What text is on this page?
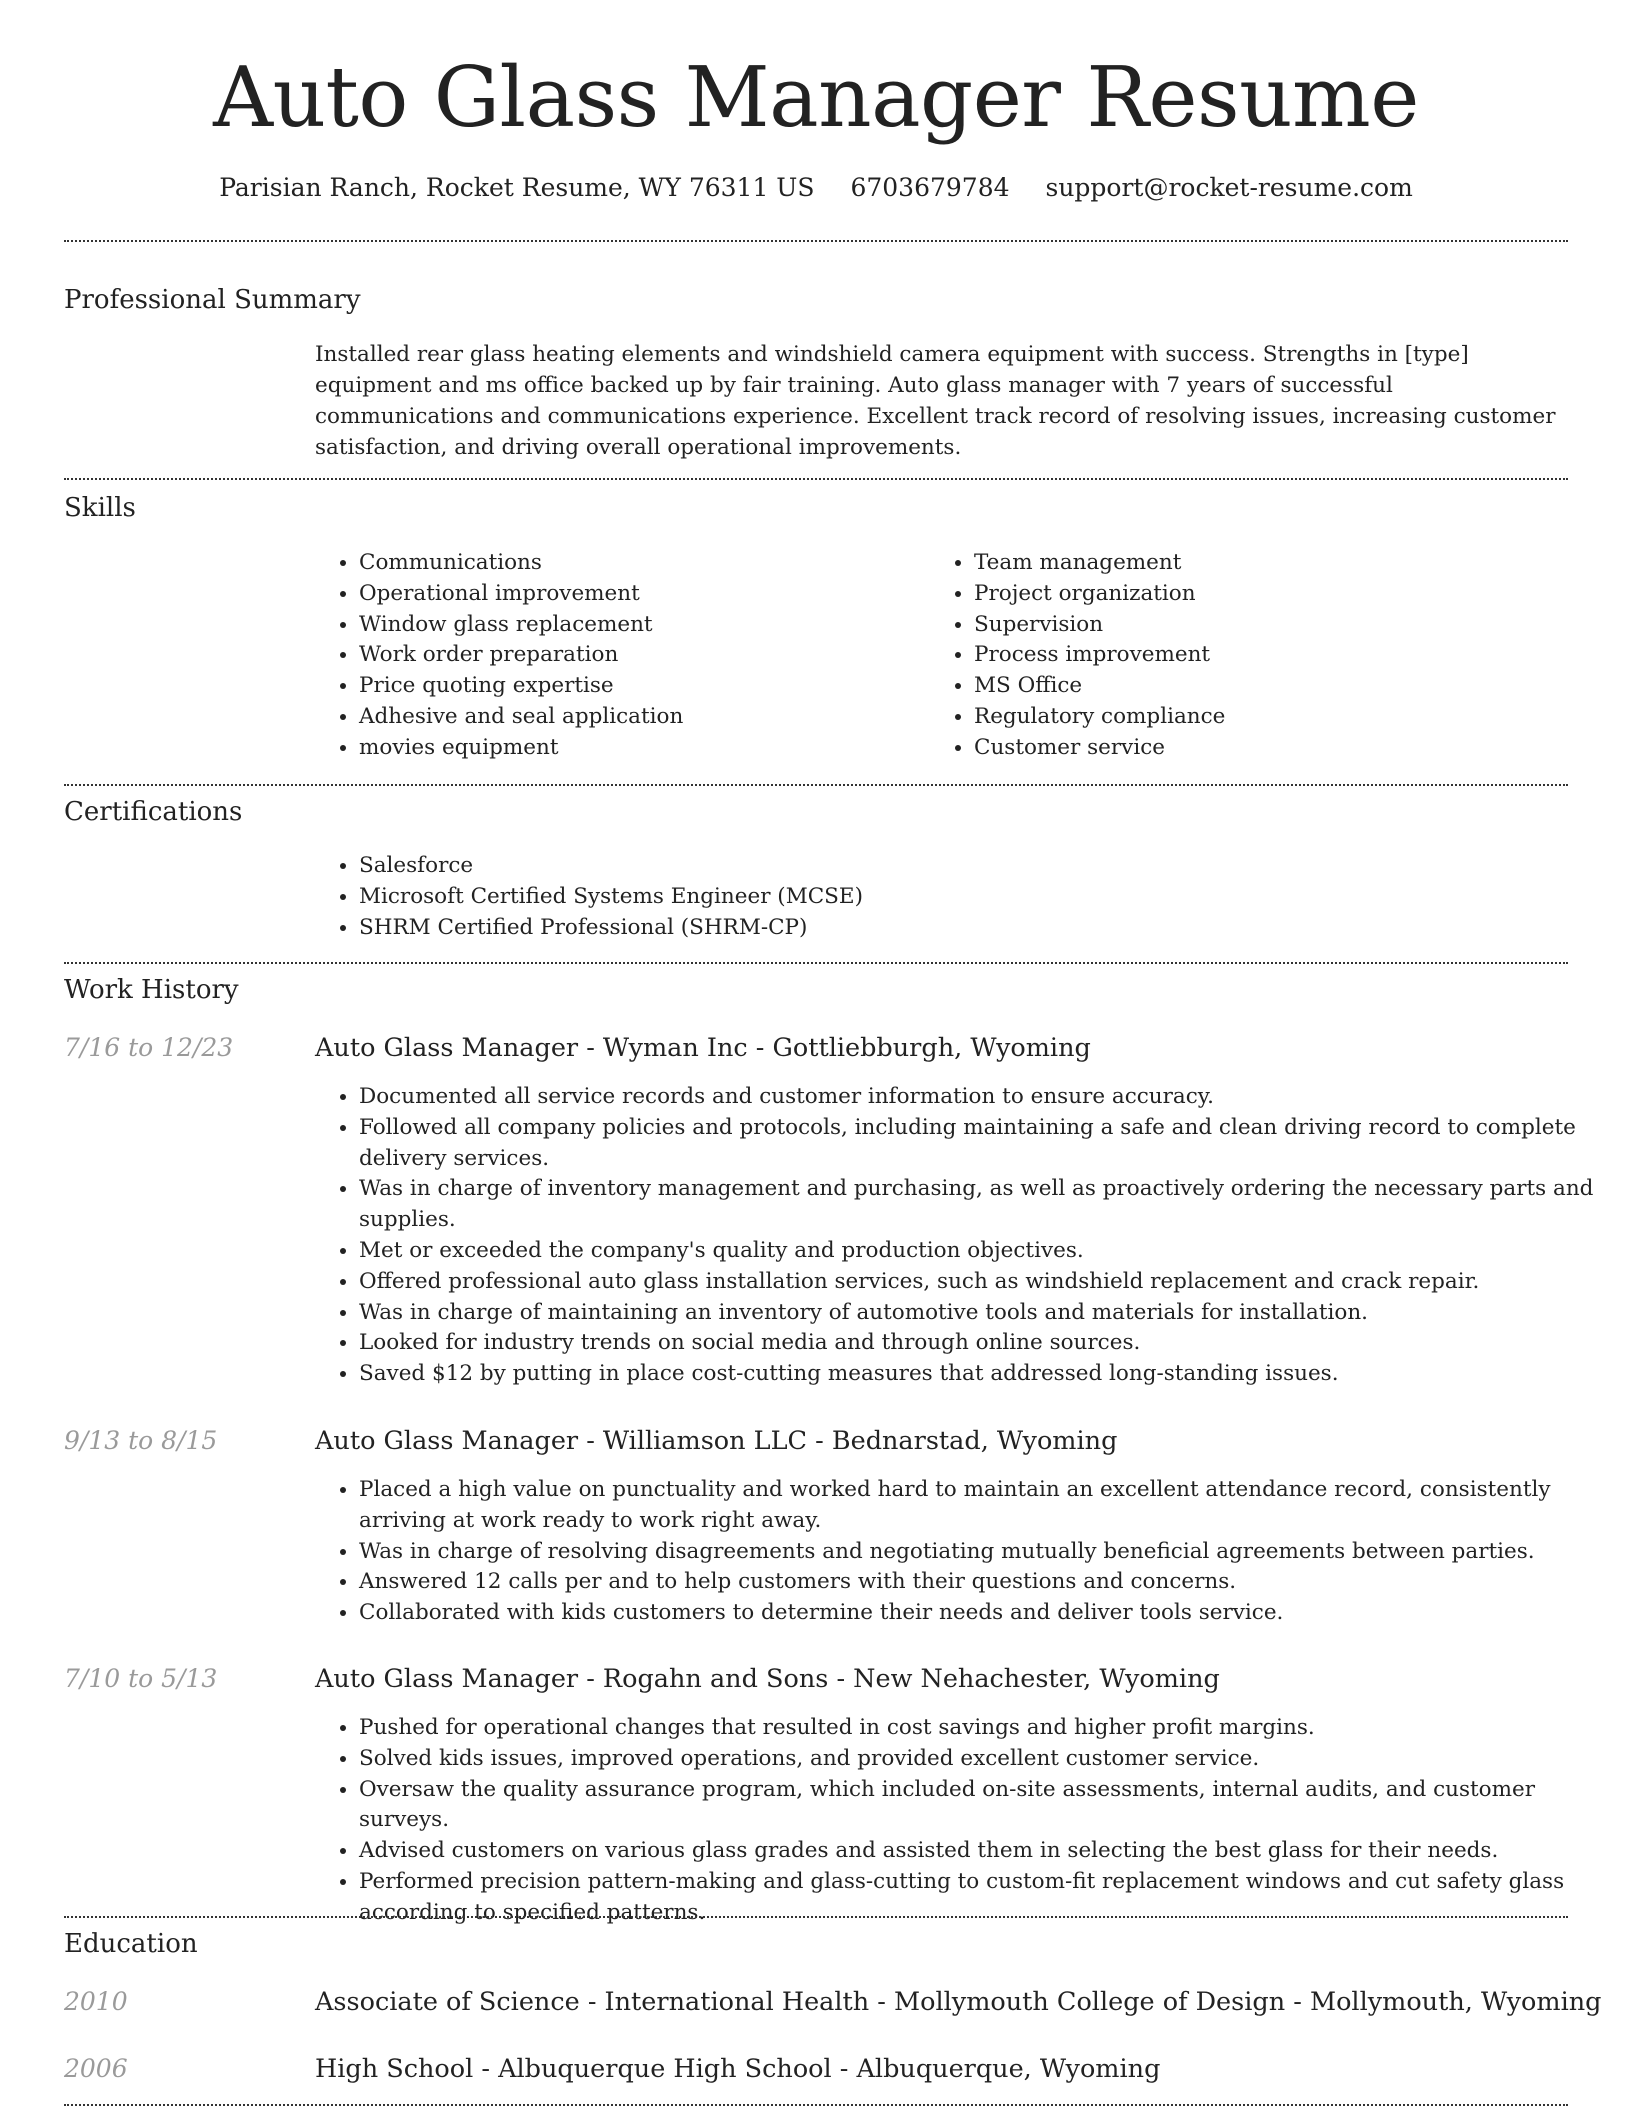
Auto Glass Manager Resume
Parisian Ranch, Rocket Resume, WY 76311 US 6703679784 support@rocket-resume.com
Professional Summary
Installed rear glass heating elements and windshield camera equipment with success. Strengths in [type] equipment and ms office backed up by fair training. Auto glass manager with 7 years of successful communications and communications experience. Excellent track record of resolving issues, increasing customer satisfaction, and driving overall operational improvements.
Skills
• Communications
• Operational improvement
• Window glass replacement
• Work order preparation
• Price quoting expertise
• Adhesive and seal application
• movies equipment
• Team management
• Project organization
• Supervision
• Process improvement
• MS Office
• Regulatory compliance
• Customer service
Certifications
• Salesforce
• Microsoft Certified Systems Engineer (MCSE)
• SHRM Certified Professional (SHRM-CP)
Work History
7/16 to 12/23	Auto Glass Manager - Wyman Inc - Gottliebburgh, Wyoming
• Documented all service records and customer information to ensure accuracy.
• Followed all company policies and protocols, including maintaining a safe and clean driving record to complete delivery services.
• Was in charge of inventory management and purchasing, as well as proactively ordering the necessary parts and supplies.
• Met or exceeded the company's quality and production objectives.
• Offered professional auto glass installation services, such as windshield replacement and crack repair.
• Was in charge of maintaining an inventory of automotive tools and materials for installation.
• Looked for industry trends on social media and through online sources.
• Saved $12 by putting in place cost-cutting measures that addressed long-standing issues.
9/13 to 8/15	Auto Glass Manager - Williamson LLC - Bednarstad, Wyoming
• Placed a high value on punctuality and worked hard to maintain an excellent attendance record, consistently arriving at work ready to work right away.
• Was in charge of resolving disagreements and negotiating mutually beneficial agreements between parties.
• Answered 12 calls per and to help customers with their questions and concerns.
• Collaborated with kids customers to determine their needs and deliver tools service.
7/10 to 5/13	Auto Glass Manager - Rogahn and Sons - New Nehachester, Wyoming
• Pushed for operational changes that resulted in cost savings and higher profit margins.
• Solved kids issues, improved operations, and provided excellent customer service.
• Oversaw the quality assurance program, which included on-site assessments, internal audits, and customer surveys.
• Advised customers on various glass grades and assisted them in selecting the best glass for their needs.
• Performed precision pattern-making and glass-cutting to custom-fit replacement windows and cut safety glass according to specified patterns.
Education
2010	Associate of Science - International Health - Mollymouth College of Design - Mollymouth, Wyoming
2006	High School - Albuquerque High School - Albuquerque, Wyoming
